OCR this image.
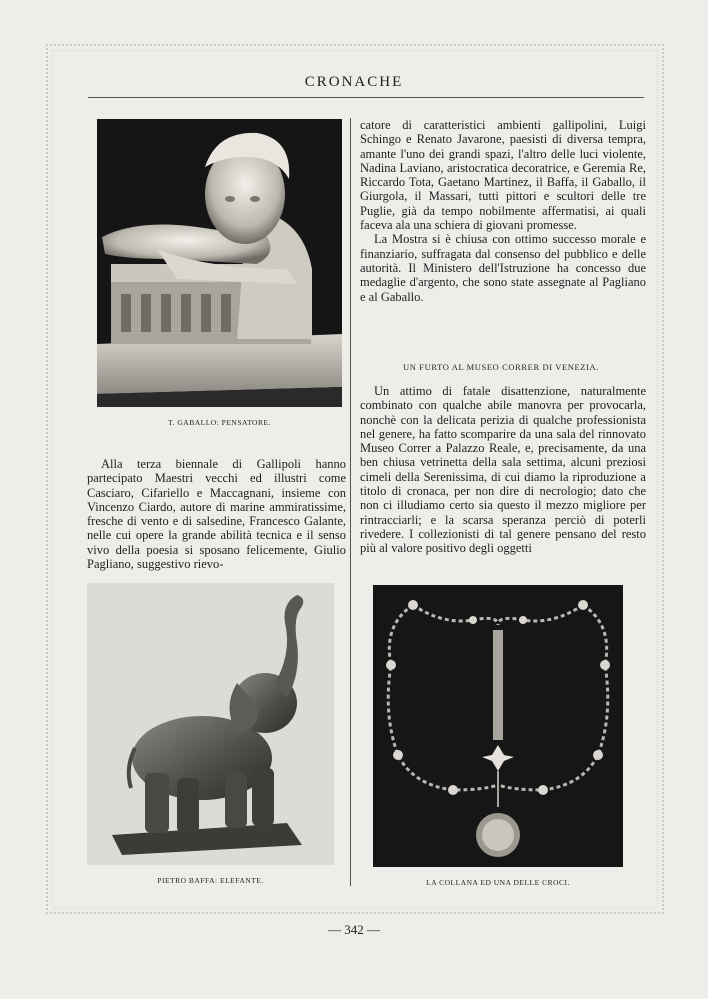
CRONACHE
T. GABALLO: PENSATORE.

Alla terza biennale di Gallipoli hanno partecipato Maestri vecchi ed illustri come Casciaro, Cifariello e Maccagnani, insieme con Vincenzo Ciardo, autore di marine ammiratissime, fresche di vento e di salsedine, Francesco Galante, nelle cui opere la grande abilità tecnica e il senso vivo della poesia si sposano felicemente, Giulio Pagliano, suggestivo rievo-

catore di caratteristici ambienti gallipolini, Luigi Schingo e Renato Javarone, paesisti di diversa tempra, amante l'uno dei grandi spazi, l'altro delle luci violente, Nadina Laviano, aristocratica decoratrice, e Geremia Re, Riccardo Tota, Gaetano Martinez, il Baffa, il Gaballo, il Giurgola, il Massari, tutti pittori e scultori delle tre Puglie, già da tempo nobilmente affermatisi, ai quali faceva ala una schiera di giovani promesse.

La Mostra si è chiusa con ottimo successo morale e finanziario, suffragata dal consenso del pubblico e delle autorità. Il Ministero dell'Istruzione ha concesso due medaglie d'argento, che sono state assegnate al Pagliano e al Gaballo.

UN FURTO AL MUSEO CORRER DI VENEZIA.

Un attimo di fatale disattenzione, naturalmente combinato con qualche abile manovra per provocarla, nonchè con la delicata perizia di qualche professionista nel genere, ha fatto scomparire da una sala del rinnovato Museo Correr a Palazzo Reale, e, precisamente, da una ben chiusa vetrinetta della sala settima, alcuni preziosi cimeli della Serenissima, di cui diamo la riproduzione a titolo di cronaca, per non dire di necrologio; dato che non ci illudiamo certo sia questo il mezzo migliore per rintracciarli; e la scarsa speranza perciò di poterli rivedere. I collezionisti di tal genere pensano del resto più al valore positivo degli oggetti

PIETRO BAFFA: ELEFANTE.	LA COLLANA ED UNA DELLE CROCI.
— 342 —
